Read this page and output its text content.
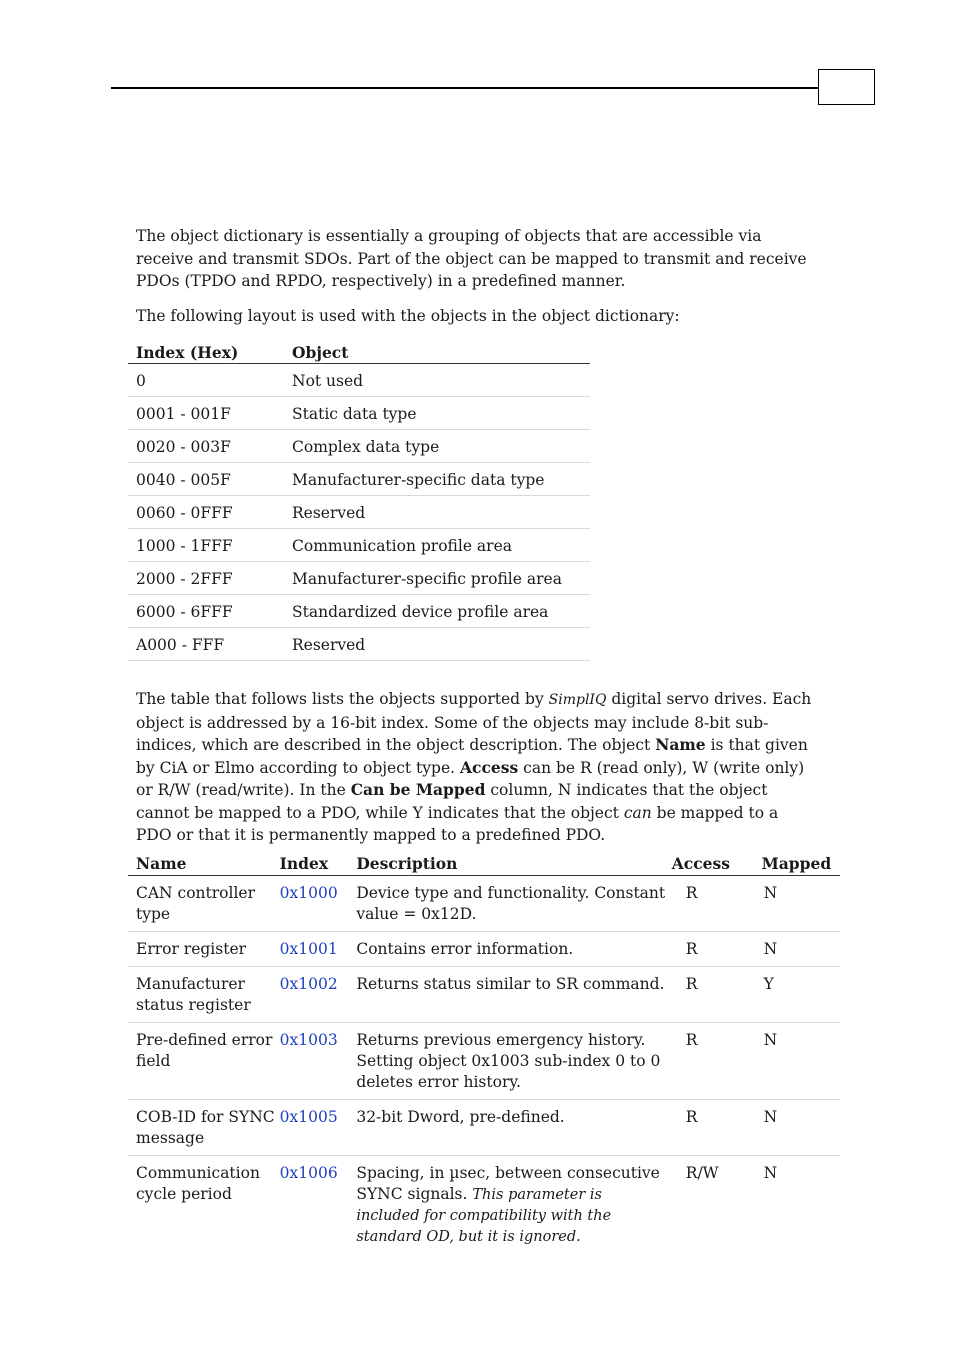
The object dictionary is essentially a grouping of objects that are accessible via receive and transmit SDOs. Part of the object can be mapped to transmit and receive PDOs (TPDO and RPDO, respectively) in a predefined manner.

The following layout is used with the objects in the object dictionary:

Index (Hex)	Object
0	Not used
0001 - 001F	Static data type
0020 - 003F	Complex data type
0040 - 005F	Manufacturer-specific data type
0060 - 0FFF	Reserved
1000 - 1FFF	Communication profile area
2000 - 2FFF	Manufacturer-specific profile area
6000 - 6FFF	Standardized device profile area
A000 - FFF	Reserved

The table that follows lists the objects supported by SimplIQ digital servo drives. Each object is addressed by a 16-bit index. Some of the objects may include 8-bit sub-indices, which are described in the object description. The object Name is that given by CiA or Elmo according to object type. Access can be R (read only), W (write only) or R/W (read/write). In the Can be Mapped column, N indicates that the object cannot be mapped to a PDO, while Y indicates that the object can be mapped to a PDO or that it is permanently mapped to a predefined PDO.

Name	Index	Description	Access	Mapped
CAN controller type	0x1000	Device type and functionality. Constant value = 0x12D.	R	N
Error register	0x1001	Contains error information.	R	N
Manufacturer status register	0x1002	Returns status similar to SR command.	R	Y
Pre-defined error field	0x1003	Returns previous emergency history. Setting object 0x1003 sub-index 0 to 0 deletes error history.	R	N
COB-ID for SYNC message	0x1005	32-bit Dword, pre-defined.	R	N
Communication cycle period	0x1006	Spacing, in µsec, between consecutive SYNC signals. This parameter is included for compatibility with the standard OD, but it is ignored.	R/W	N
